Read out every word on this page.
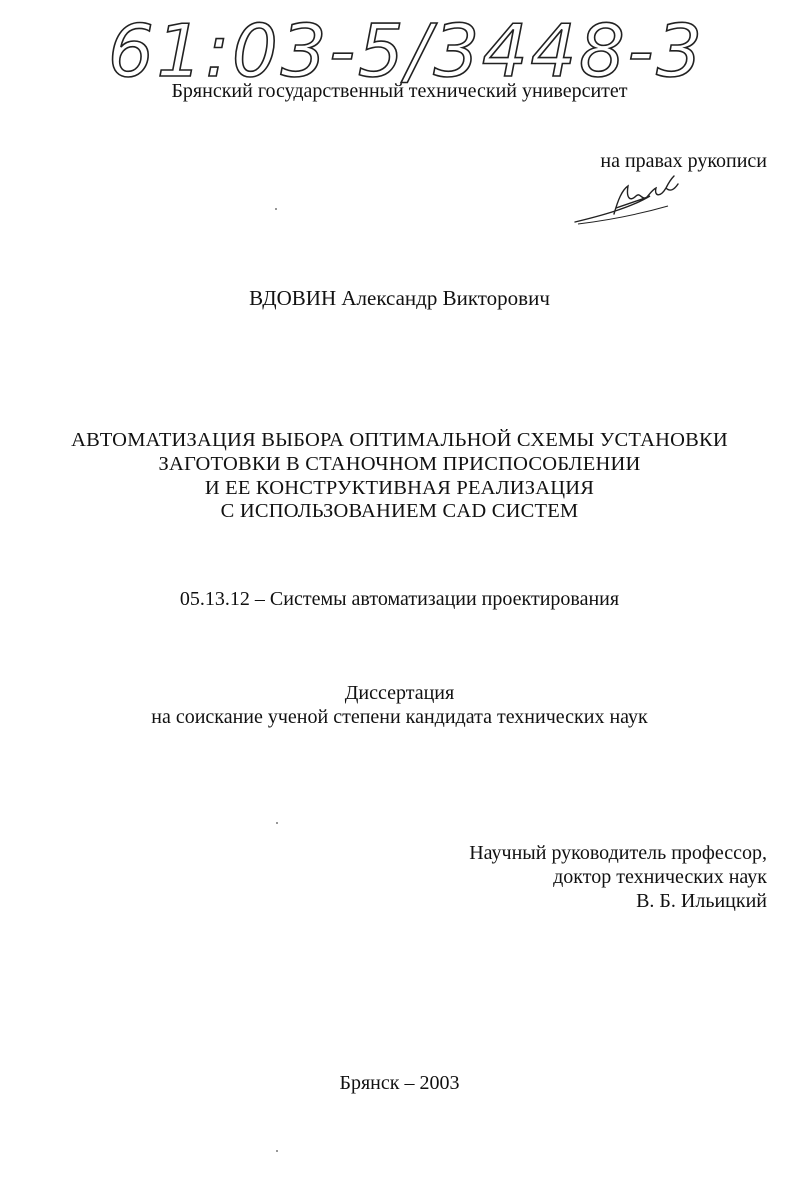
61:03-5/3448-3
Брянский государственный технический университет
на правах рукописи
ВДОВИН Александр Викторович
АВТОМАТИЗАЦИЯ ВЫБОРА ОПТИМАЛЬНОЙ СХЕМЫ УСТАНОВКИ
ЗАГОТОВКИ В СТАНОЧНОМ ПРИСПОСОБЛЕНИИ
И ЕЕ КОНСТРУКТИВНАЯ РЕАЛИЗАЦИЯ
С ИСПОЛЬЗОВАНИЕМ CAD СИСТЕМ
05.13.12 – Системы автоматизации проектирования
Диссертация
на соискание ученой степени кандидата технических наук
Научный руководитель профессор,
доктор технических наук
В. Б. Ильицкий
Брянск – 2003
